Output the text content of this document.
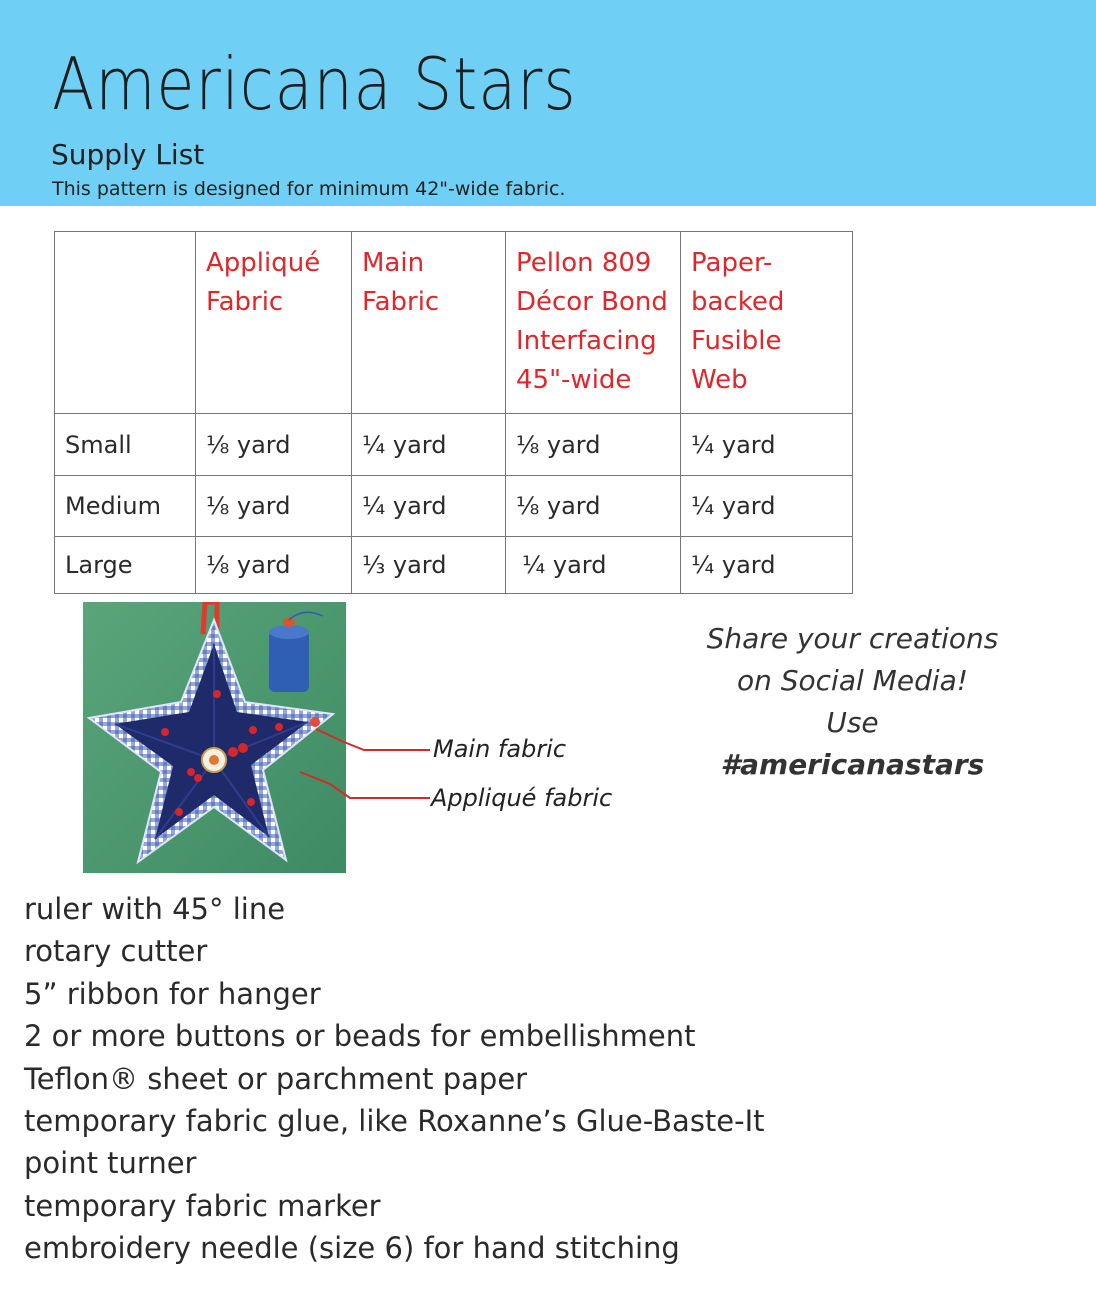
Americana Stars
Supply List
This pattern is designed for minimum 42"-wide fabric.
	Appliqué Fabric	Main Fabric	Pellon 809 Décor Bond Interfacing 45"-wide	Paper-backed Fusible Web
Small	⅛ yard	¼ yard	⅛ yard	¼ yard
Medium	⅛ yard	¼ yard	⅛ yard	¼ yard
Large	⅛ yard	⅓ yard	¼ yard	¼ yard
Main fabric
Appliqué fabric
Share your creations
on Social Media!
Use
#americanastars
ruler with 45° line
rotary cutter
5” ribbon for hanger
2 or more buttons or beads for embellishment
Teflon® sheet or parchment paper
temporary fabric glue, like Roxanne’s Glue-Baste-It
point turner
temporary fabric marker
embroidery needle (size 6) for hand stitching
